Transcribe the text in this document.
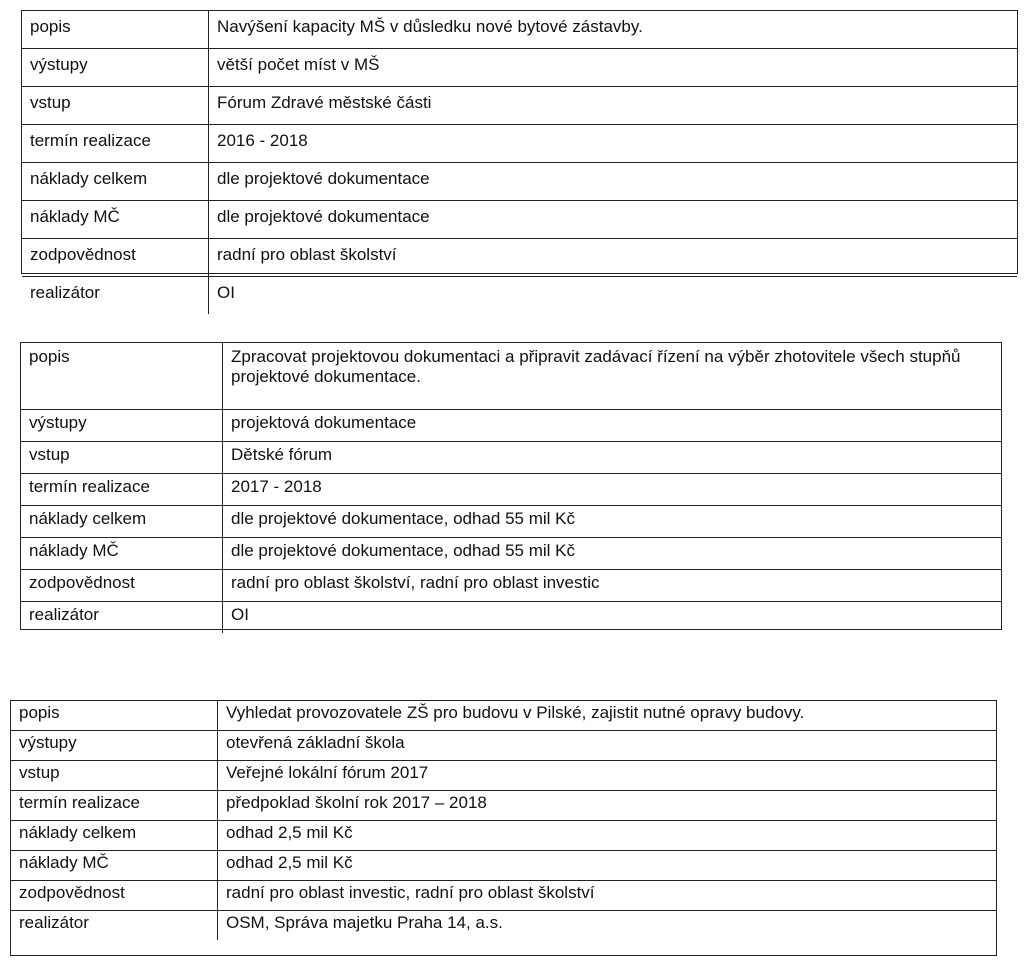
popis	Navýšení kapacity MŠ v důsledku nové bytové zástavby.
výstupy	větší počet míst v MŠ
vstup	Fórum Zdravé městské části
termín realizace	2016 - 2018
náklady celkem	dle projektové dokumentace
náklady MČ	dle projektové dokumentace
zodpovědnost	radní pro oblast školství
realizátor	OI
popis	Zpracovat projektovou dokumentaci a připravit zadávací řízení na výběr zhotovitele všech stupňů projektové dokumentace.
výstupy	projektová dokumentace
vstup	Dětské fórum
termín realizace	2017 - 2018
náklady celkem	dle projektové dokumentace, odhad 55 mil Kč
náklady MČ	dle projektové dokumentace, odhad 55 mil Kč
zodpovědnost	radní pro oblast školství, radní pro oblast investic
realizátor	OI
popis	Vyhledat provozovatele ZŠ pro budovu v Pilské, zajistit nutné opravy budovy.
výstupy	otevřená základní škola
vstup	Veřejné lokální fórum 2017
termín realizace	předpoklad školní rok 2017 – 2018
náklady celkem	odhad 2,5 mil Kč
náklady MČ	odhad 2,5 mil Kč
zodpovědnost	radní pro oblast investic, radní pro oblast školství
realizátor	OSM, Správa majetku Praha 14, a.s.
